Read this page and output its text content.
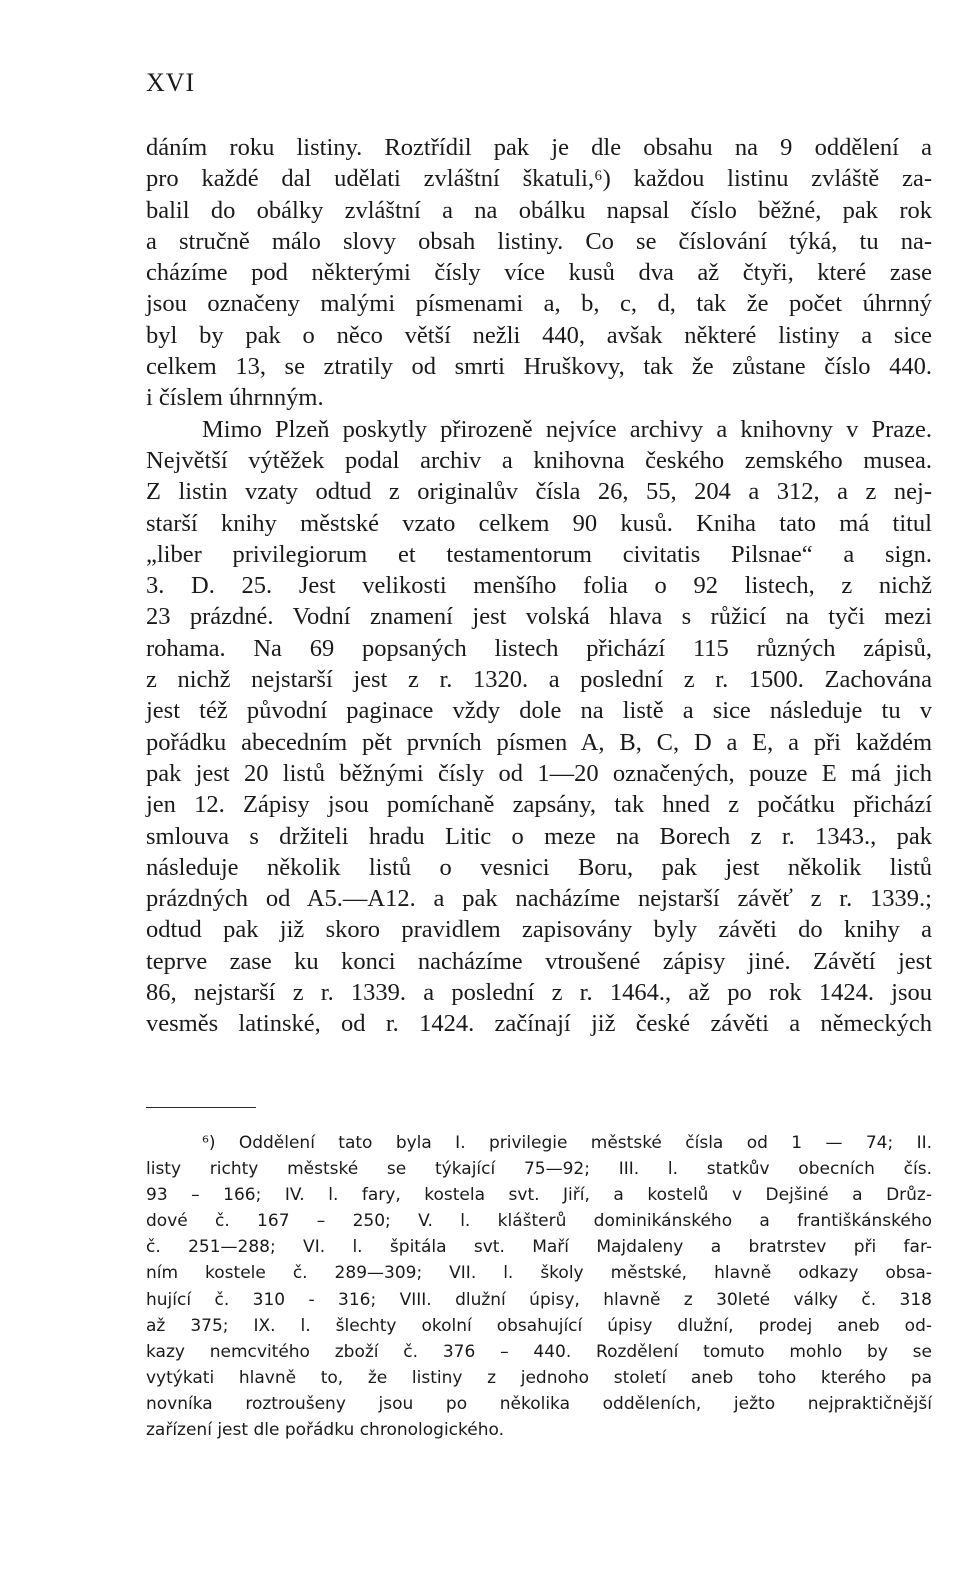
XVI

dáním roku listiny. Roztřídil pak je dle obsahu na 9 oddělení a
pro každé dal udělati zvláštní škatuli,⁶) každou listinu zvláště za-
balil do obálky zvláštní a na obálku napsal číslo běžné, pak rok
a stručně málo slovy obsah listiny. Co se číslování týká, tu na-
cházíme pod některými čísly více kusů dva až čtyři, které zase
jsou označeny malými písmenami a, b, c, d, tak že počet úhrnný
byl by pak o něco větší nežli 440, avšak některé listiny a sice
celkem 13, se ztratily od smrti Hruškovy, tak že zůstane číslo 440.
i číslem úhrnným.
Mimo Plzeň poskytly přirozeně nejvíce archivy a knihovny v Praze.
Největší výtěžek podal archiv a knihovna českého zemského musea.
Z listin vzaty odtud z originalův čísla 26, 55, 204 a 312, a z nej-
starší knihy městské vzato celkem 90 kusů. Kniha tato má titul
„liber privilegiorum et testamentorum civitatis Pilsnae“ a sign.
3. D. 25. Jest velikosti menšího folia o 92 listech, z nichž
23 prázdné. Vodní znamení jest volská hlava s růžicí na tyči mezi
rohama. Na 69 popsaných listech přichází 115 různých zápisů,
z nichž nejstarší jest z r. 1320. a poslední z r. 1500. Zachována
jest též původní paginace vždy dole na listě a sice následuje tu v
pořádku abecedním pět prvních písmen A, B, C, D a E, a při každém
pak jest 20 listů běžnými čísly od 1—20 označených, pouze E má jich
jen 12. Zápisy jsou pomíchaně zapsány, tak hned z počátku přichází
smlouva s držiteli hradu Litic o meze na Borech z r. 1343., pak
následuje několik listů o vesnici Boru, pak jest několik listů
prázdných od A5.—A12. a pak nacházíme nejstarší závěť z r. 1339.;
odtud pak již skoro pravidlem zapisovány byly závěti do knihy a
teprve zase ku konci nacházíme vtroušené zápisy jiné. Závětí jest
86, nejstarší z r. 1339. a poslední z r. 1464., až po rok 1424. jsou
vesměs latinské, od r. 1424. začínají již české závěti a německých
⁶) Oddělení tato byla I. privilegie městské čísla od 1 — 74; II.
listy richty městské se týkající 75—92; III. l. statkův obecních čís.
93 – 166; IV. l. fary, kostela svt. Jiří, a kostelů v Dejšiné a Drůz-
dové č. 167 – 250; V. l. klášterů dominikánského a františkánského
č. 251—288; VI. l. špitála svt. Maří Majdaleny a bratrstev při far-
ním kostele č. 289—309; VII. l. školy městské, hlavně odkazy obsa-
hující č. 310 - 316; VIII. dlužní úpisy, hlavně z 30leté války č. 318
až 375; IX. l. šlechty okolní obsahující úpisy dlužní, prodej aneb od-
kazy nemcvitého zboží č. 376 – 440. Rozdělení tomuto mohlo by se
vytýkati hlavně to, že listiny z jednoho století aneb toho kterého pa
novníka roztroušeny jsou po několika odděleních, ježto nejpraktičnější
zařízení jest dle pořádku chronologického.
